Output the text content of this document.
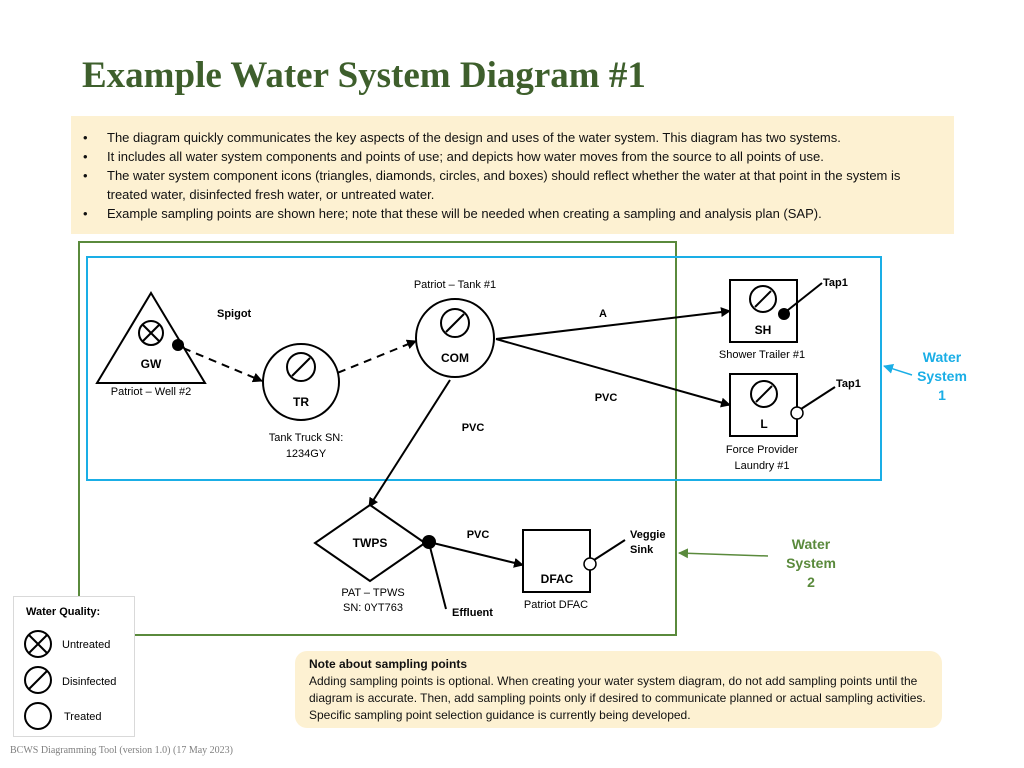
Example Water System Diagram #1
• The diagram quickly communicates the key aspects of the design and uses of the water system. This diagram has two systems.
• It includes all water system components and points of use; and depicts how water moves from the source to all points of use.
• The water system component icons (triangles, diamonds, circles, and boxes) should reflect whether the water at that point in the system is treated water, disinfected fresh water, or untreated water.
• Example sampling points are shown here; note that these will be needed when creating a sampling and analysis plan (SAP).
GW
Patriot – Well #2
Spigot
TR
Tank Truck SN:
1234GY
COM
Patriot – Tank #1
SH
Shower Trailer #1
Tap1
L
Force Provider
Laundry #1
Tap1
TWPS
PAT – TPWS
SN: 0YT763	Effluent
DFAC
Patriot DFAC
Veggie
Sink
A
PVC
PVC
PVC
Water
System
1
Water
System
2
Water Quality:
Untreated
Disinfected
Treated
Note about sampling points
Adding sampling points is optional. When creating your water system diagram, do not add sampling points until the diagram is accurate. Then, add sampling points only if desired to communicate planned or actual sampling activities. Specific sampling point selection guidance is currently being developed.
BCWS Diagramming Tool (version 1.0) (17 May 2023)
